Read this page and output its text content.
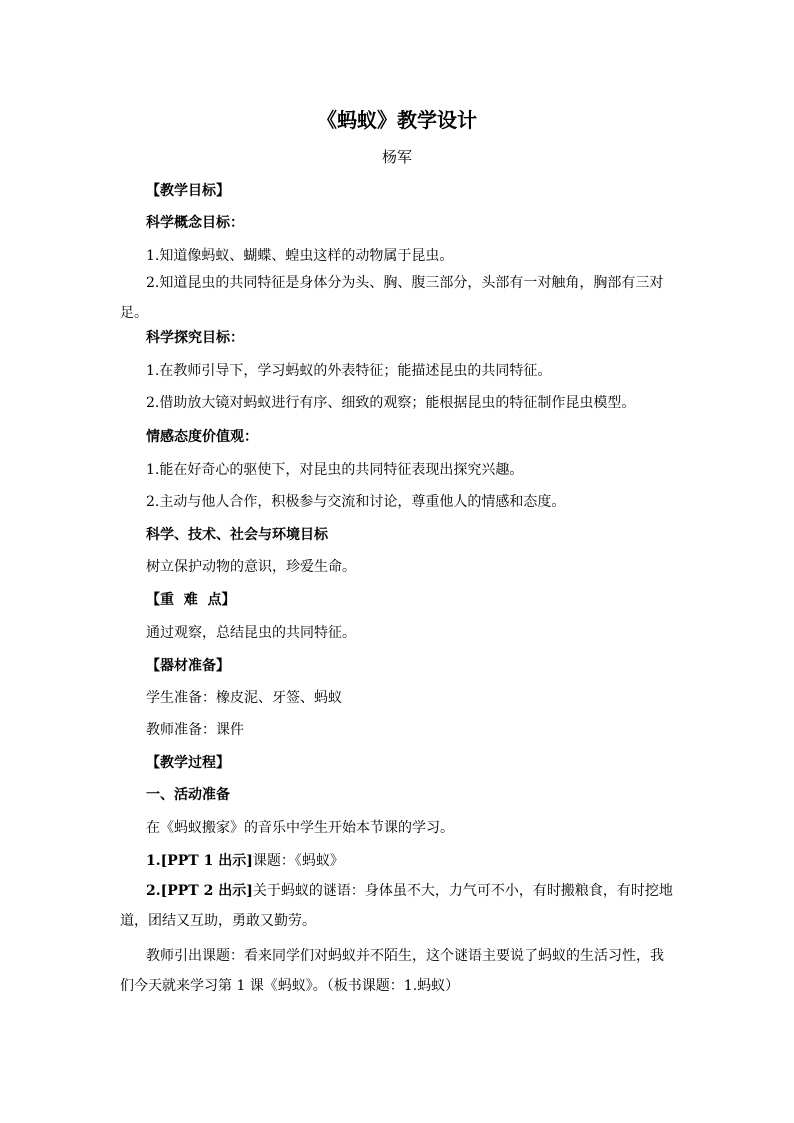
《蚂蚁》教学设计
杨军
【教学目标】
科学概念目标：
1.知道像蚂蚁、蝴蝶、蝗虫这样的动物属于昆虫。
2.知道昆虫的共同特征是身体分为头、胸、腹三部分，头部有一对触角，胸部有三对足。
科学探究目标：
1.在教师引导下，学习蚂蚁的外表特征；能描述昆虫的共同特征。
2.借助放大镜对蚂蚁进行有序、细致的观察；能根据昆虫的特征制作昆虫模型。
情感态度价值观：
1.能在好奇心的驱使下，对昆虫的共同特征表现出探究兴趣。
2.主动与他人合作，积极参与交流和讨论，尊重他人的情感和态度。
科学、技术、社会与环境目标
树立保护动物的意识，珍爱生命。
【重  难  点】
通过观察，总结昆虫的共同特征。
【器材准备】
学生准备：橡皮泥、牙签、蚂蚁
教师准备：课件
【教学过程】
一、活动准备
在《蚂蚁搬家》的音乐中学生开始本节课的学习。
1.[PPT 1 出示]课题：《蚂蚁》
2.[PPT 2 出示]关于蚂蚁的谜语：身体虽不大，力气可不小，有时搬粮食，有时挖地道，团结又互助，勇敢又勤劳。
教师引出课题：看来同学们对蚂蚁并不陌生，这个谜语主要说了蚂蚁的生活习性，我们今天就来学习第 1 课《蚂蚁》。（板书课题：1.蚂蚁）
